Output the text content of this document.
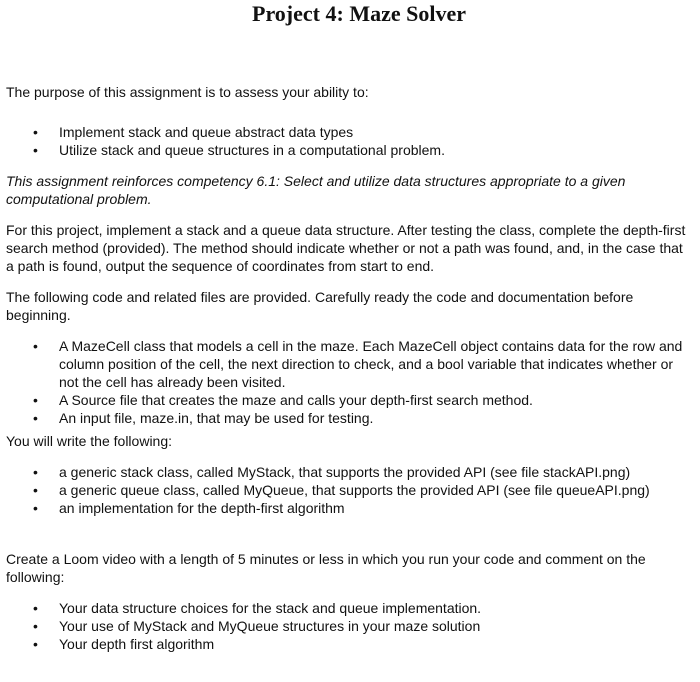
Project 4: Maze Solver

The purpose of this assignment is to assess your ability to:

• Implement stack and queue abstract data types
• Utilize stack and queue structures in a computational problem.

This assignment reinforces competency 6.1: Select and utilize data structures appropriate to a given computational problem.

For this project, implement a stack and a queue data structure. After testing the class, complete the depth-first search method (provided). The method should indicate whether or not a path was found, and, in the case that a path is found, output the sequence of coordinates from start to end.

The following code and related files are provided. Carefully ready the code and documentation before beginning.

• A MazeCell class that models a cell in the maze. Each MazeCell object contains data for the row and column position of the cell, the next direction to check, and a bool variable that indicates whether or not the cell has already been visited.
• A Source file that creates the maze and calls your depth-first search method.
• An input file, maze.in, that may be used for testing.

You will write the following:

• a generic stack class, called MyStack, that supports the provided API (see file stackAPI.png)
• a generic queue class, called MyQueue, that supports the provided API (see file queueAPI.png)
• an implementation for the depth-first algorithm

Create a Loom video with a length of 5 minutes or less in which you run your code and comment on the following:

• Your data structure choices for the stack and queue implementation.
• Your use of MyStack and MyQueue structures in your maze solution
• Your depth first algorithm
